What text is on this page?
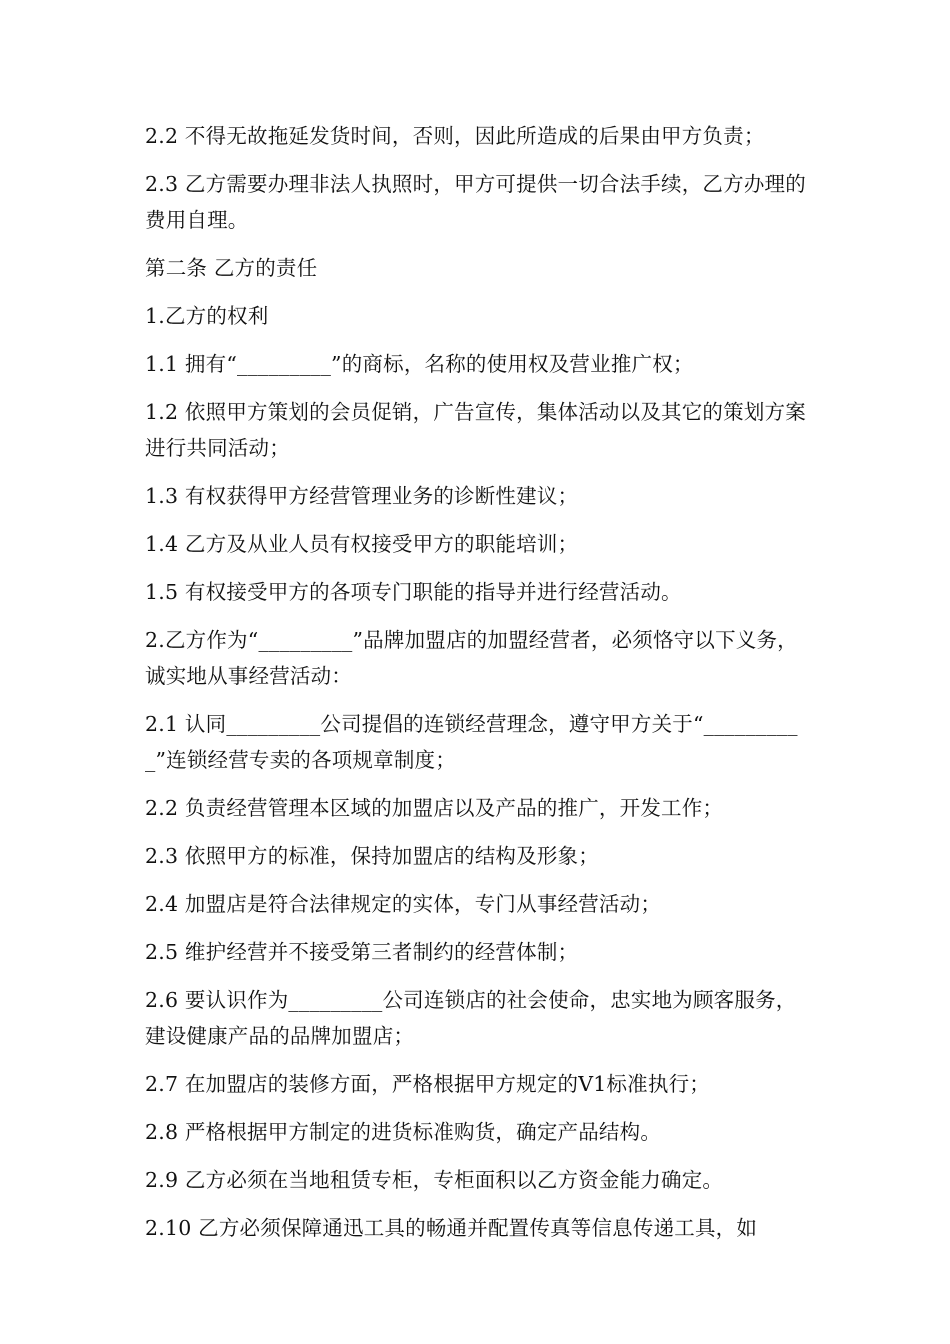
2.2 不得无故拖延发货时间，否则，因此所造成的后果由甲方负责；

2.3 乙方需要办理非法人执照时，甲方可提供一切合法手续，乙方办理的费用自理。

第二条 乙方的责任

1.乙方的权利

1.1 拥有“_________”的商标，名称的使用权及营业推广权；

1.2 依照甲方策划的会员促销，广告宣传，集体活动以及其它的策划方案进行共同活动；

1.3 有权获得甲方经营管理业务的诊断性建议；

1.4 乙方及从业人员有权接受甲方的职能培训；

1.5 有权接受甲方的各项专门职能的指导并进行经营活动。

2.乙方作为“_________”品牌加盟店的加盟经营者，必须恪守以下义务，诚实地从事经营活动：

2.1 认同_________公司提倡的连锁经营理念，遵守甲方关于“__________”连锁经营专卖的各项规章制度；

2.2 负责经营管理本区域的加盟店以及产品的推广，开发工作；

2.3 依照甲方的标准，保持加盟店的结构及形象；

2.4 加盟店是符合法律规定的实体，专门从事经营活动；

2.5 维护经营并不接受第三者制约的经营体制；

2.6 要认识作为_________公司连锁店的社会使命，忠实地为顾客服务，建设健康产品的品牌加盟店；

2.7 在加盟店的装修方面，严格根据甲方规定的V1标准执行；

2.8 严格根据甲方制定的进货标准购货，确定产品结构。

2.9 乙方必须在当地租赁专柜，专柜面积以乙方资金能力确定。

2.10 乙方必须保障通迅工具的畅通并配置传真等信息传递工具，如
